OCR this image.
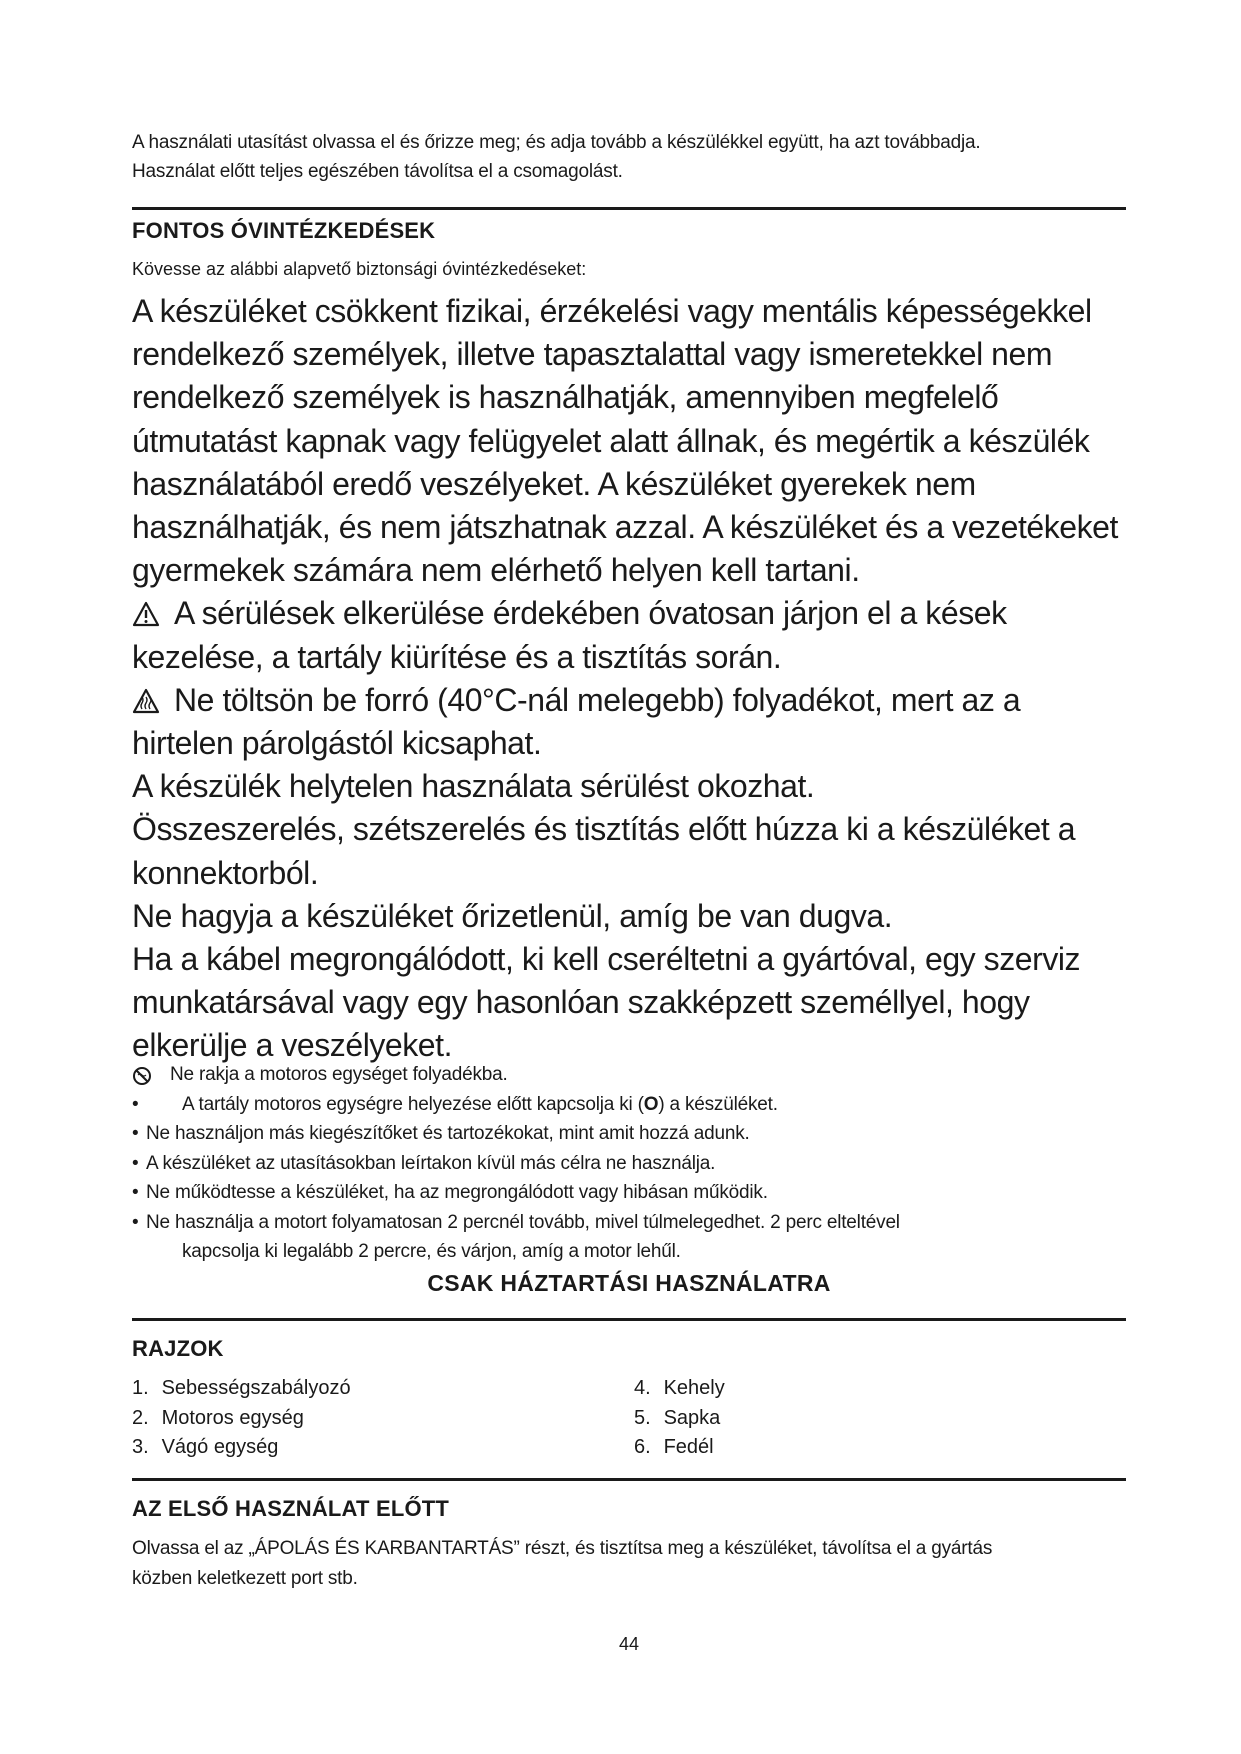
A használati utasítást olvassa el és őrizze meg; és adja tovább a készülékkel együtt, ha azt továbbadja.
Használat előtt teljes egészében távolítsa el a csomagolást.
FONTOS ÓVINTÉZKEDÉSEK
Kövesse az alábbi alapvető biztonsági óvintézkedéseket:

A készüléket csökkent fizikai, érzékelési vagy mentális képességekkel rendelkező személyek, illetve tapasztalattal vagy ismeretekkel nem rendelkező személyek is használhatják, amennyiben megfelelő útmutatást kapnak vagy felügyelet alatt állnak, és megértik a készülék használatából eredő veszélyeket. A készüléket gyerekek nem használhatják, és nem játszhatnak azzal. A készüléket és a vezetékeket gyermekek számára nem elérhető helyen kell tartani.

A sérülések elkerülése érdekében óvatosan járjon el a kések kezelése, a tartály kiürítése és a tisztítás során.

Ne töltsön be forró (40°C-nál melegebb) folyadékot, mert az a hirtelen párolgástól kicsaphat.

A készülék helytelen használata sérülést okozhat.

Összeszerelés, szétszerelés és tisztítás előtt húzza ki a készüléket a konnektorból.

Ne hagyja a készüléket őrizetlenül, amíg be van dugva.

Ha a kábel megrongálódott, ki kell cseréltetni a gyártóval, egy szerviz munkatársával vagy egy hasonlóan szakképzett személlyel, hogy elkerülje a veszélyeket.

Ne rakja a motoros egységet folyadékba.
• A tartály motoros egységre helyezése előtt kapcsolja ki (O) a készüléket.
• Ne használjon más kiegészítőket és tartozékokat, mint amit hozzá adunk.
• A készüléket az utasításokban leírtakon kívül más célra ne használja.
• Ne működtesse a készüléket, ha az megrongálódott vagy hibásan működik.
• Ne használja a motort folyamatosan 2 percnél tovább, mivel túlmelegedhet. 2 perc elteltével
kapcsolja ki legalább 2 percre, és várjon, amíg a motor lehűl.
CSAK HÁZTARTÁSI HASZNÁLATRA
RAJZOK
1. Sebességszabályozó
2. Motoros egység
3. Vágó egység
4. Kehely
5. Sapka
6. Fedél
AZ ELSŐ HASZNÁLAT ELŐTT
Olvassa el az „ÁPOLÁS ÉS KARBANTARTÁS” részt, és tisztítsa meg a készüléket, távolítsa el a gyártás
közben keletkezett port stb.
44
